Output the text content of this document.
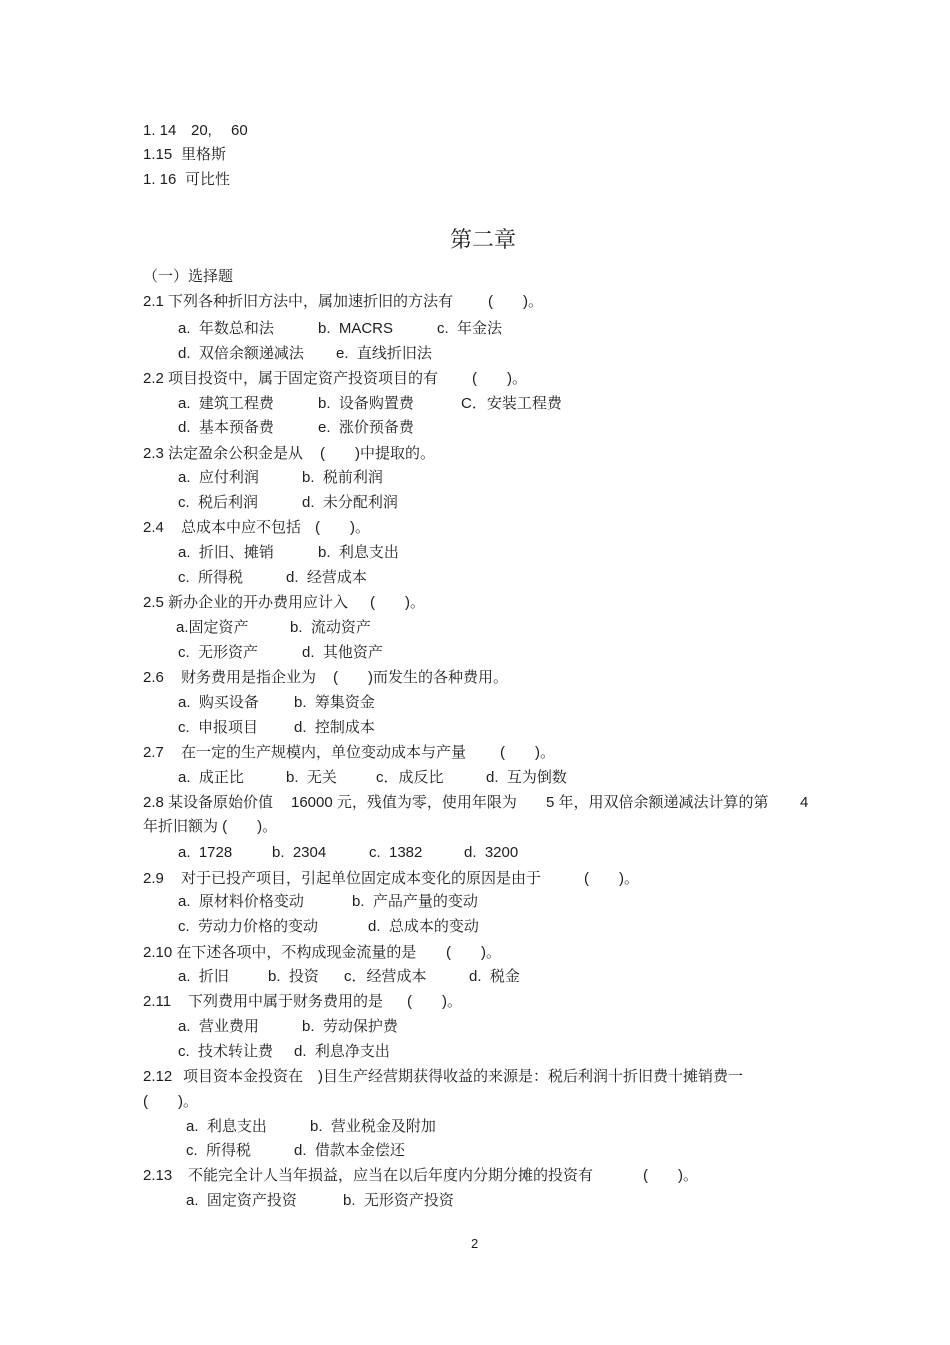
1. 14 20, 60
1.15 里格斯
1. 16 可比性
第二章
（一）选择题
2.1 下列各种折旧方法中，属加速折旧的方法有 (　　)。
a.  年数总和法	b.  MACRS	c.  年金法
d.  双倍余额递减法 e.  直线折旧法
2.2 项目投资中，属于固定资产投资项目的有 (　　)。
a.  建筑工程费	b.  设备购置费	C．安装工程费
d.  基本预备费	e.  涨价预备费
2.3 法定盈余公积金是从 (　　)中提取的。
a.  应付利润	b.  税前利润
c.  税后利润	d.  未分配利润
2.4 总成本中应不包括 (　　)。
a.  折旧、摊销	b.  利息支出
c.  所得税	d.  经营成本
2.5 新办企业的开办费用应计入 (　　)。
a.固定资产	b.  流动资产
c.  无形资产	d.  其他资产
2.6 财务费用是指企业为 (　　)而发生的各种费用。
a.  购买设备 b.  筹集资金
c.  申报项目 d.  控制成本
2.7 在一定的生产规模内，单位变动成本与产量 (　　)。
a.  成正比	b.  无关	c．成反比	d.  互为倒数
2.8 某设备原始价值 16000 元，残值为零，使用年限为 5 年，用双倍余额递减法计算的第 4
年折旧额为 (　　)。
a.  1728	b.  2304	c.  1382	d.  3200
2.9 对于已投产项目，引起单位固定成本变化的原因是由于	(　　)。
a.  原材料价格变动	b.  产品产量的变动
c.  劳动力价格的变动	d.  总成本的变动
2.10 在下述各项中，不构成现金流量的是 (　　)。
a.  折旧	b.  投资 c．经营成本	d.  税金
2.11 下列费用中属于财务费用的是 (　　)。
a.  营业费用	b.  劳动保护费
c.  技术转让费 d.  利息净支出
2.12 项目资本金投资在 )目生产经营期获得收益的来源是：税后利润十折旧费十摊销费一
(　　)。
a.  利息支出	b.  营业税金及附加
c.  所得税	d.  借款本金偿还
2.13 不能完全计人当年损益，应当在以后年度内分期分摊的投资有	(　　)。
a.  固定资产投资	b.  无形资产投资
2
